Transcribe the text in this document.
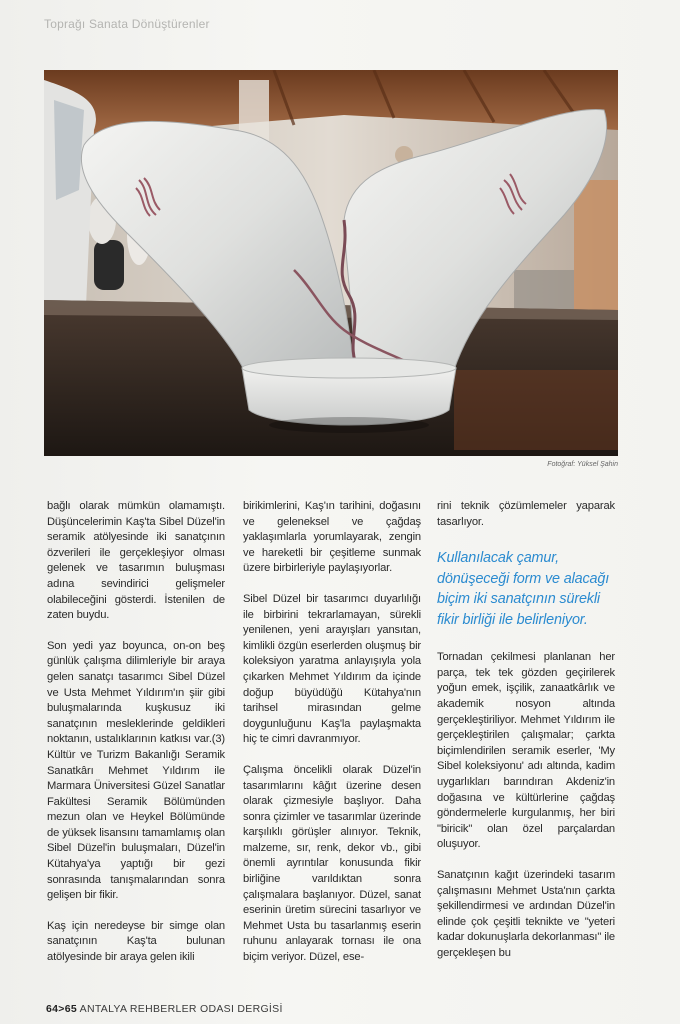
Toprağı Sanata Dönüştürenler
Fotoğraf: Yüksel Şahin

bağlı olarak mümkün olamamıştı. Düşüncelerimin Kaş'ta Sibel Düzel'in seramik atölyesinde iki sanatçının özverileri ile gerçekleşiyor olması gelenek ve tasarımın buluşması adına sevindirici gelişmeler olabileceğini gösterdi. İstenilen de zaten buydu.

Son yedi yaz boyunca, on-on beş günlük çalışma dilimleriyle bir araya gelen sanatçı tasarımcı Sibel Düzel ve Usta Mehmet Yıldırım'ın şiir gibi buluşmalarında kuşkusuz iki sanatçının mesleklerinde geldikleri noktanın, ustalıklarının katkısı var.(3) Kültür ve Turizm Bakanlığı Seramik Sanatkârı Mehmet Yıldırım ile Marmara Üniversitesi Güzel Sanatlar Fakültesi Seramik Bölümünden mezun olan ve Heykel Bölümünde de yüksek lisansını tamamlamış olan Sibel Düzel'in buluşmaları, Düzel'in Kütahya'ya yaptığı bir gezi sonrasında tanışmalarından sonra gelişen bir fikir.

Kaş için neredeyse bir simge olan sanatçının Kaş'ta bulunan atölyesinde bir araya gelen ikili

birikimlerini, Kaş'ın tarihini, doğasını ve geleneksel ve çağdaş yaklaşımlarla yorumlayarak, zengin ve hareketli bir çeşitleme sunmak üzere birbirleriyle paylaşıyorlar.

Sibel Düzel bir tasarımcı duyarlılığı ile birbirini tekrarlamayan, sürekli yenilenen, yeni arayışları yansıtan, kimlikli özgün eserlerden oluşmuş bir koleksiyon yaratma anlayışıyla yola çıkarken Mehmet Yıldırım da içinde doğup büyüdüğü Kütahya'nın tarihsel mirasından gelme doygunluğunu Kaş'la paylaşmakta hiç te cimri davranmıyor.

Çalışma öncelikli olarak Düzel'in tasarımlarını kâğıt üzerine desen olarak çizmesiyle başlıyor. Daha sonra çizimler ve tasarımlar üzerinde karşılıklı görüşler alınıyor. Teknik, malzeme, sır, renk, dekor vb., gibi önemli ayrıntılar konusunda fikir birliğine varıldıktan sonra çalışmalara başlanıyor. Düzel, sanat eserinin üretim sürecini tasarlıyor ve Mehmet Usta bu tasarlanmış eserin ruhunu anlayarak tornası ile ona biçim veriyor. Düzel, ese-

rini teknik çözümlemeler yaparak tasarlıyor.

Kullanılacak çamur, dönüşeceği form ve alacağı biçim iki sanatçının sürekli fikir birliği ile belirleniyor.

Tornadan çekilmesi planlanan her parça, tek tek gözden geçirilerek yoğun emek, işçilik, zanaatkârlık ve akademik nosyon altında gerçekleştiriliyor. Mehmet Yıldırım ile gerçekleştirilen çalışmalar; çarkta biçimlendirilen seramik eserler, 'My Sibel koleksiyonu' adı altında, kadim uygarlıkları barındıran Akdeniz'in doğasına ve kültürlerine çağdaş göndermelerle kurgulanmış, her biri "biricik" olan özel parçalardan oluşuyor.

Sanatçının kağıt üzerindeki tasarım çalışmasını Mehmet Usta'nın çarkta şekillendirmesi ve ardından Düzel'in elinde çok çeşitli teknikte ve "yeteri kadar dokunuşlarla dekorlanması" ile gerçekleşen bu

64>65 ANTALYA REHBERLER ODASI DERGİSİ
